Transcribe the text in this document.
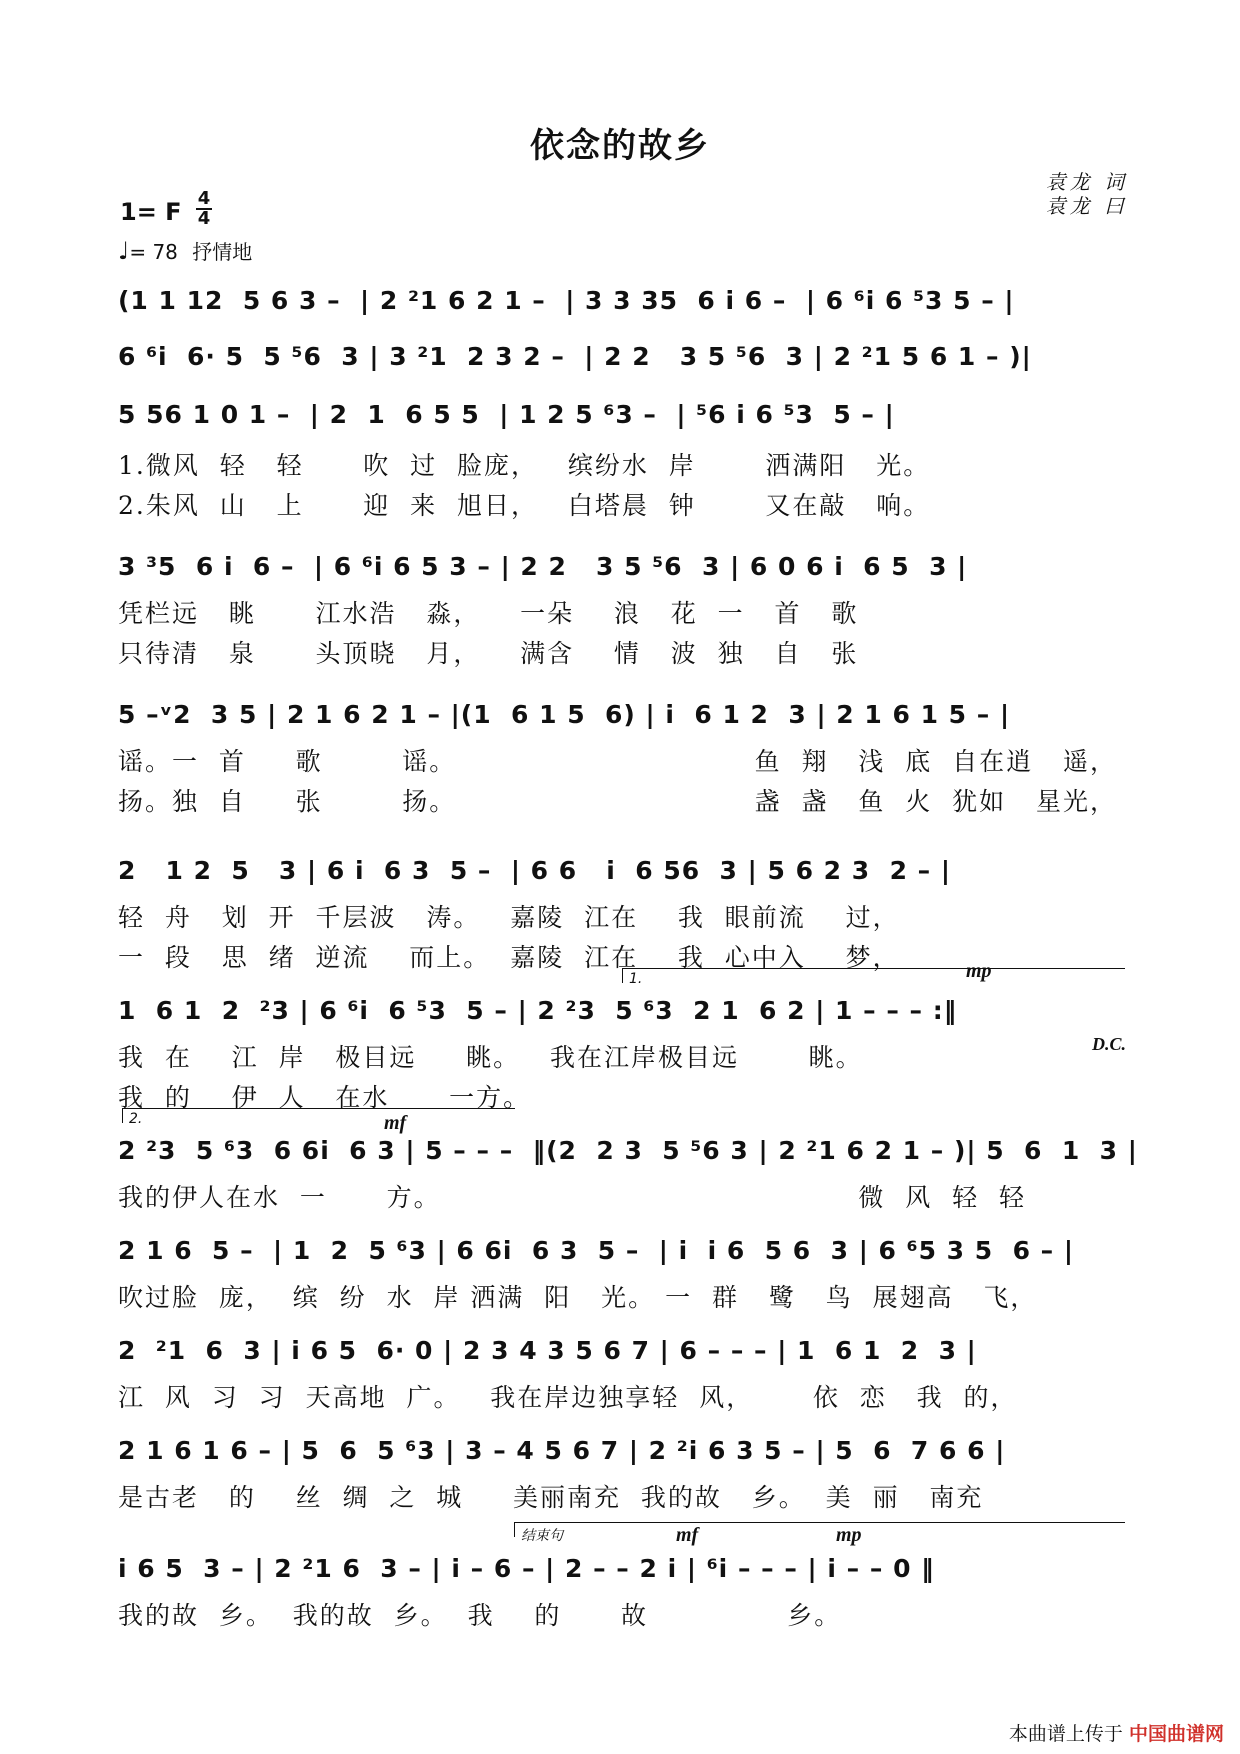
依念的故乡
1= F 4
4
♩= 78 抒情地
袁龙 词
袁龙 曰
(1 1 12  5 6 3 –  | 2 ²1 6 2 1 –  | 3 3 35  6 i 6 –  | 6 ⁶i 6 ⁵3 5 – |
6 ⁶i  6· 5  5 ⁵6  3 | 3 ²1  2 3 2 –  | 2 2   3 5 ⁵6  3 | 2 ²1 5 6 1 – )|
5 56 1 0 1 –  | 2  1  6 5 5  | 1 2 5 ⁶3 –  | ⁵6 i 6 ⁵3  5 – |
1.微风  轻   轻      吹  过  脸庞，   缤纷水  岸       洒满阳   光。
2.朱风  山   上      迎  来  旭日，   白塔晨  钟       又在敲   响。
3 ³5  6 i  6 –  | 6 ⁶i 6 5 3 – | 2 2   3 5 ⁵6  3 | 6 0 6 i  6 5  3 |
凭栏远   眺      江水浩   淼，    一朵    浪   花  一   首   歌
只待清   泉      头顶晓   月，    满含    情   波  独   自   张
5 –ᵛ2  3 5 | 2 1 6 2 1 – |(1  6 1 5  6) | i  6 1 2  3 | 2 1 6 1 5 – |
谣。一  首     歌        谣。                              鱼  翔   浅  底  自在逍   遥，
扬。独  自     张        扬。                              盏  盏   鱼  火  犹如   星光，
2   1 2  5   3 | 6 i  6 3  5 –  | 6 6   i  6 56  3 | 5 6 2 3  2 – |
轻  舟   划  开  千层波   涛。   嘉陵  江在    我  眼前流    过，
一  段   思  绪  逆流    而上。  嘉陵  江在    我  心中入    梦，
1.	mp
1  6 1  2  ²3 | 6 ⁶i  6 ⁵3  5 – | 2 ²3  5 ⁶3  2 1  6 2 | 1 – – – :‖
我  在    江  岸   极目远     眺。   我在江岸极目远       眺。
我  的    伊  人   在水      一方。
D.C.
2.	mf
2 ²3  5 ⁶3  6 6i  6 3 | 5 – – –  ‖(2  2 3  5 ⁵6 3 | 2 ²1 6 2 1 – )| 5  6  1  3 |
我的伊人在水  一      方。                                          微  风  轻  轻
2 1 6  5 –  | 1  2  5 ⁶3 | 6 6i  6 3  5 –  | i  i 6  5 6  3 | 6 ⁶5 3 5  6 – |
吹过脸  庞，  缤  纷  水  岸 洒满  阳   光。 一  群   鹭   鸟  展翅高   飞，
2  ²1  6  3 | i 6 5  6· 0 | 2 3 4 3 5 6 7 | 6 – – – | 1  6 1  2  3 |
江  风  习  习  天高地  广。   我在岸边独享轻  风，      依  恋   我  的，
2 1 6 1 6 – | 5  6  5 ⁶3 | 3 – 4 5 6 7 | 2 ²i 6 3 5 – | 5  6  7 6 6 |
是古老   的    丝  绸  之  城     美丽南充  我的故   乡。  美  丽   南充
结束句	mf	mp
i 6 5  3 – | 2 ²1 6  3 – | i – 6 – | 2 – – 2 i | ⁶i – – – | i – – 0 ‖
我的故  乡。  我的故  乡。  我    的      故              乡。
本曲谱上传于 中国曲谱网
